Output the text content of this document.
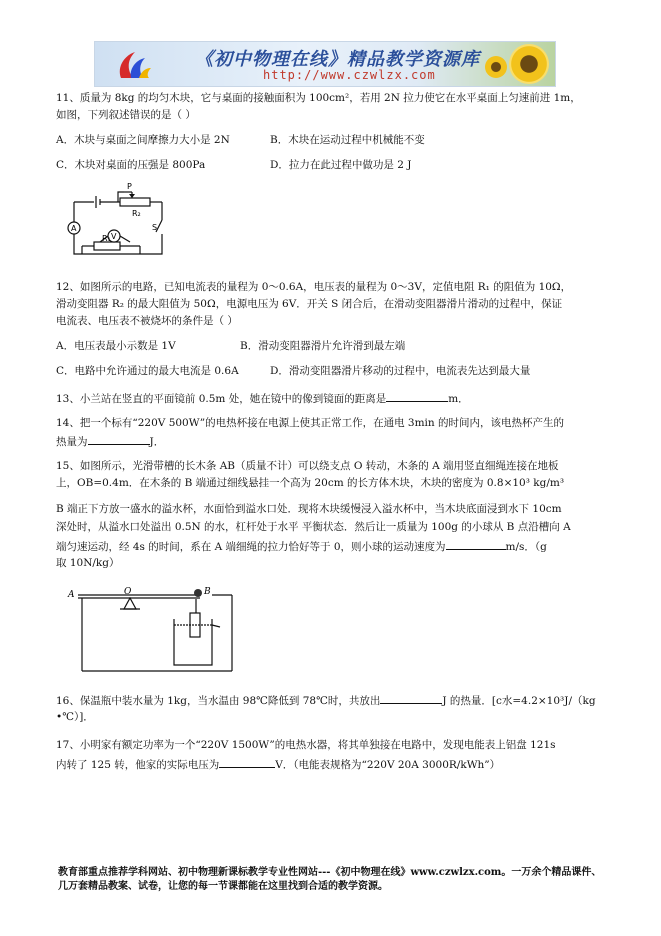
《初中物理在线》精品教学资源库
http://www.czwlzx.com
11、质量为 8kg 的均匀木块，它与桌面的接触面积为 100cm²，若用 2N 拉力使它在水平桌面上匀速前进 1m，
如图，下列叙述错误的是（ ）
A．木块与桌面之间摩擦力大小是 2N	B．木块在运动过程中机械能不变
C．木块对桌面的压强是 800Pa	D．拉力在此过程中做功是 2 J
P
R₂
S
A
V
R₁
12、如图所示的电路，已知电流表的量程为 0～0.6A，电压表的量程为 0～3V，定值电阻 R₁ 的阻值为 10Ω，
滑动变阻器 R₂ 的最大阻值为 50Ω，电源电压为 6V．开关 S 闭合后，在滑动变阻器滑片滑动的过程中，保证
电流表、电压表不被烧坏的条件是（ ）
A．电压表最小示数是 1V	B．滑动变阻器滑片允许滑到最左端
C．电路中允许通过的最大电流是 0.6A	D．滑动变阻器滑片移动的过程中，电流表先达到最大量
13、小兰站在竖直的平面镜前 0.5m 处，她在镜中的像到镜面的距离是	m．
14、把一个标有“220V 500W”的电热杯接在电源上使其正常工作，在通电 3min 的时间内，该电热杯产生的
热量为	J．
15、如图所示，光滑带槽的长木条 AB（质量不计）可以绕支点 O 转动，木条的 A 端用竖直细绳连接在地板
上，OB=0.4m．在木条的 B 端通过细线悬挂一个高为 20cm 的长方体木块，木块的密度为 0.8×10³ kg/m³
B 端正下方放一盛水的溢水杯，水面恰到溢水口处．现将木块缓慢浸入溢水杯中，当木块底面浸到水下 10cm
深处时，从溢水口处溢出 0.5N 的水，杠杆处于水平 平衡状态．然后让一质量为 100g 的小球从 B 点沿槽向 A
端匀速运动，经 4s 的时间，系在 A 端细绳的拉力恰好等于 0，则小球的运动速度为	m/s．（g
取 10N/kg）
A	O	B
16、保温瓶中装水量为 1kg，当水温由 98℃降低到 78℃时，共放出	J 的热量．[c水=4.2×10³J/（kg
•℃）]．
17、小明家有额定功率为一个“220V 1500W”的电热水器，将其单独接在电路中，发现电能表上铝盘 121s
内转了 125 转，他家的实际电压为	V．（电能表规格为“220V 20A 3000R/kWh”）
教育部重点推荐学科网站、初中物理新课标教学专业性网站---《初中物理在线》www.czwlzx.com。一万余个精品课件、
几万套精品教案、试卷，让您的每一节课都能在这里找到合适的教学资源。
